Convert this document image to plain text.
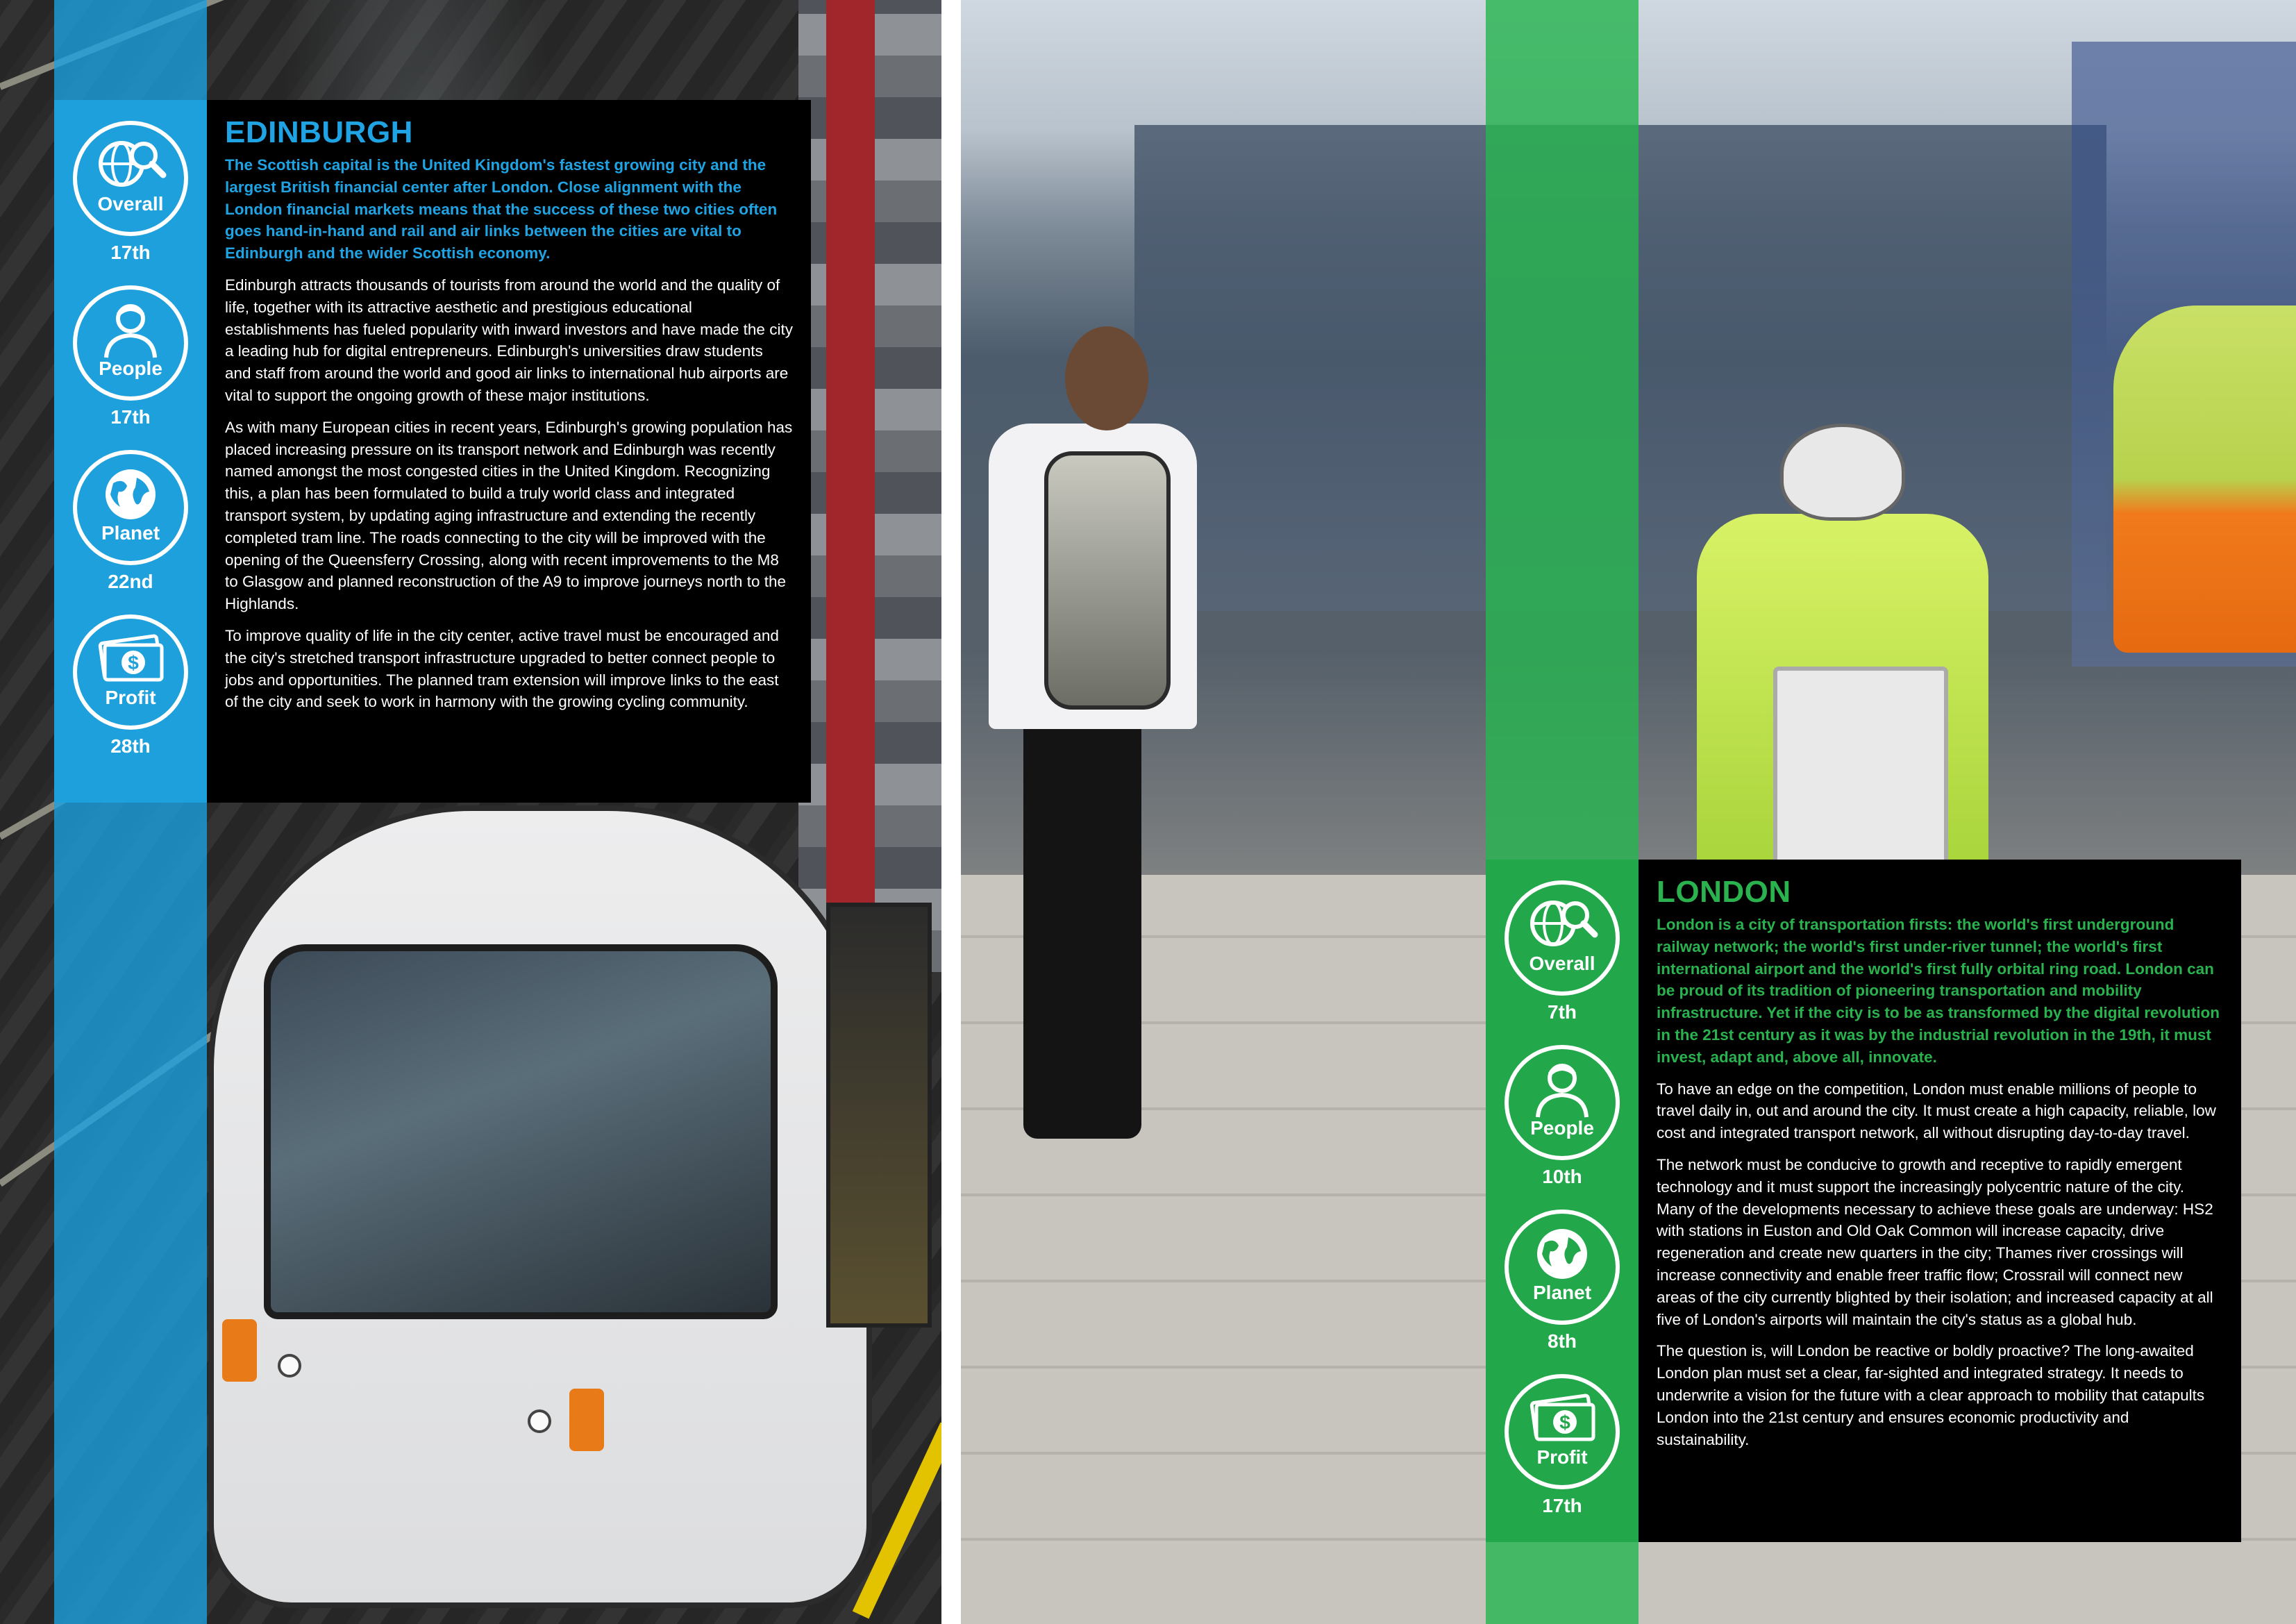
Overall
17th
People
17th
Planet
22nd
$
Profit
28th
EDINBURGH

The Scottish capital is the United Kingdom's fastest growing city and the largest British financial center after London. Close alignment with the London financial markets means that the success of these two cities often goes hand-in-hand and rail and air links between the cities are vital to Edinburgh and the wider Scottish economy.

Edinburgh attracts thousands of tourists from around the world and the quality of life, together with its attractive aesthetic and prestigious educational establishments has fueled popularity with inward investors and have made the city a leading hub for digital entrepreneurs. Edinburgh's universities draw students and staff from around the world and good air links to international hub airports are vital to support the ongoing growth of these major institutions.

As with many European cities in recent years, Edinburgh's growing population has placed increasing pressure on its transport network and Edinburgh was recently named amongst the most congested cities in the United Kingdom. Recognizing this, a plan has been formulated to build a truly world class and integrated transport system, by updating aging infrastructure and extending the recently completed tram line. The roads connecting to the city will be improved with the opening of the Queensferry Crossing, along with recent improvements to the M8 to Glasgow and planned reconstruction of the A9 to improve journeys north to the Highlands.

To improve quality of life in the city center, active travel must be encouraged and the city's stretched transport infrastructure upgraded to better connect people to jobs and opportunities. The planned tram extension will improve links to the east of the city and seek to work in harmony with the growing cycling community.

Overall
7th
People
10th
Planet
8th
$
Profit
17th
LONDON

London is a city of transportation firsts: the world's first underground railway network; the world's first under-river tunnel; the world's first international airport and the world's first fully orbital ring road. London can be proud of its tradition of pioneering transportation and mobility infrastructure. Yet if the city is to be as transformed by the digital revolution in the 21st century as it was by the industrial revolution in the 19th, it must invest, adapt and, above all, innovate.

To have an edge on the competition, London must enable millions of people to travel daily in, out and around the city. It must create a high capacity, reliable, low cost and integrated transport network, all without disrupting day-to-day travel.

The network must be conducive to growth and receptive to rapidly emergent technology and it must support the increasingly polycentric nature of the city. Many of the developments necessary to achieve these goals are underway: HS2 with stations in Euston and Old Oak Common will increase capacity, drive regeneration and create new quarters in the city; Thames river crossings will increase connectivity and enable freer traffic flow; Crossrail will connect new areas of the city currently blighted by their isolation; and increased capacity at all five of London's airports will maintain the city's status as a global hub.

The question is, will London be reactive or boldly proactive? The long-awaited London plan must set a clear, far-sighted and integrated strategy. It needs to underwrite a vision for the future with a clear approach to mobility that catapults London into the 21st century and ensures economic productivity and sustainability.
